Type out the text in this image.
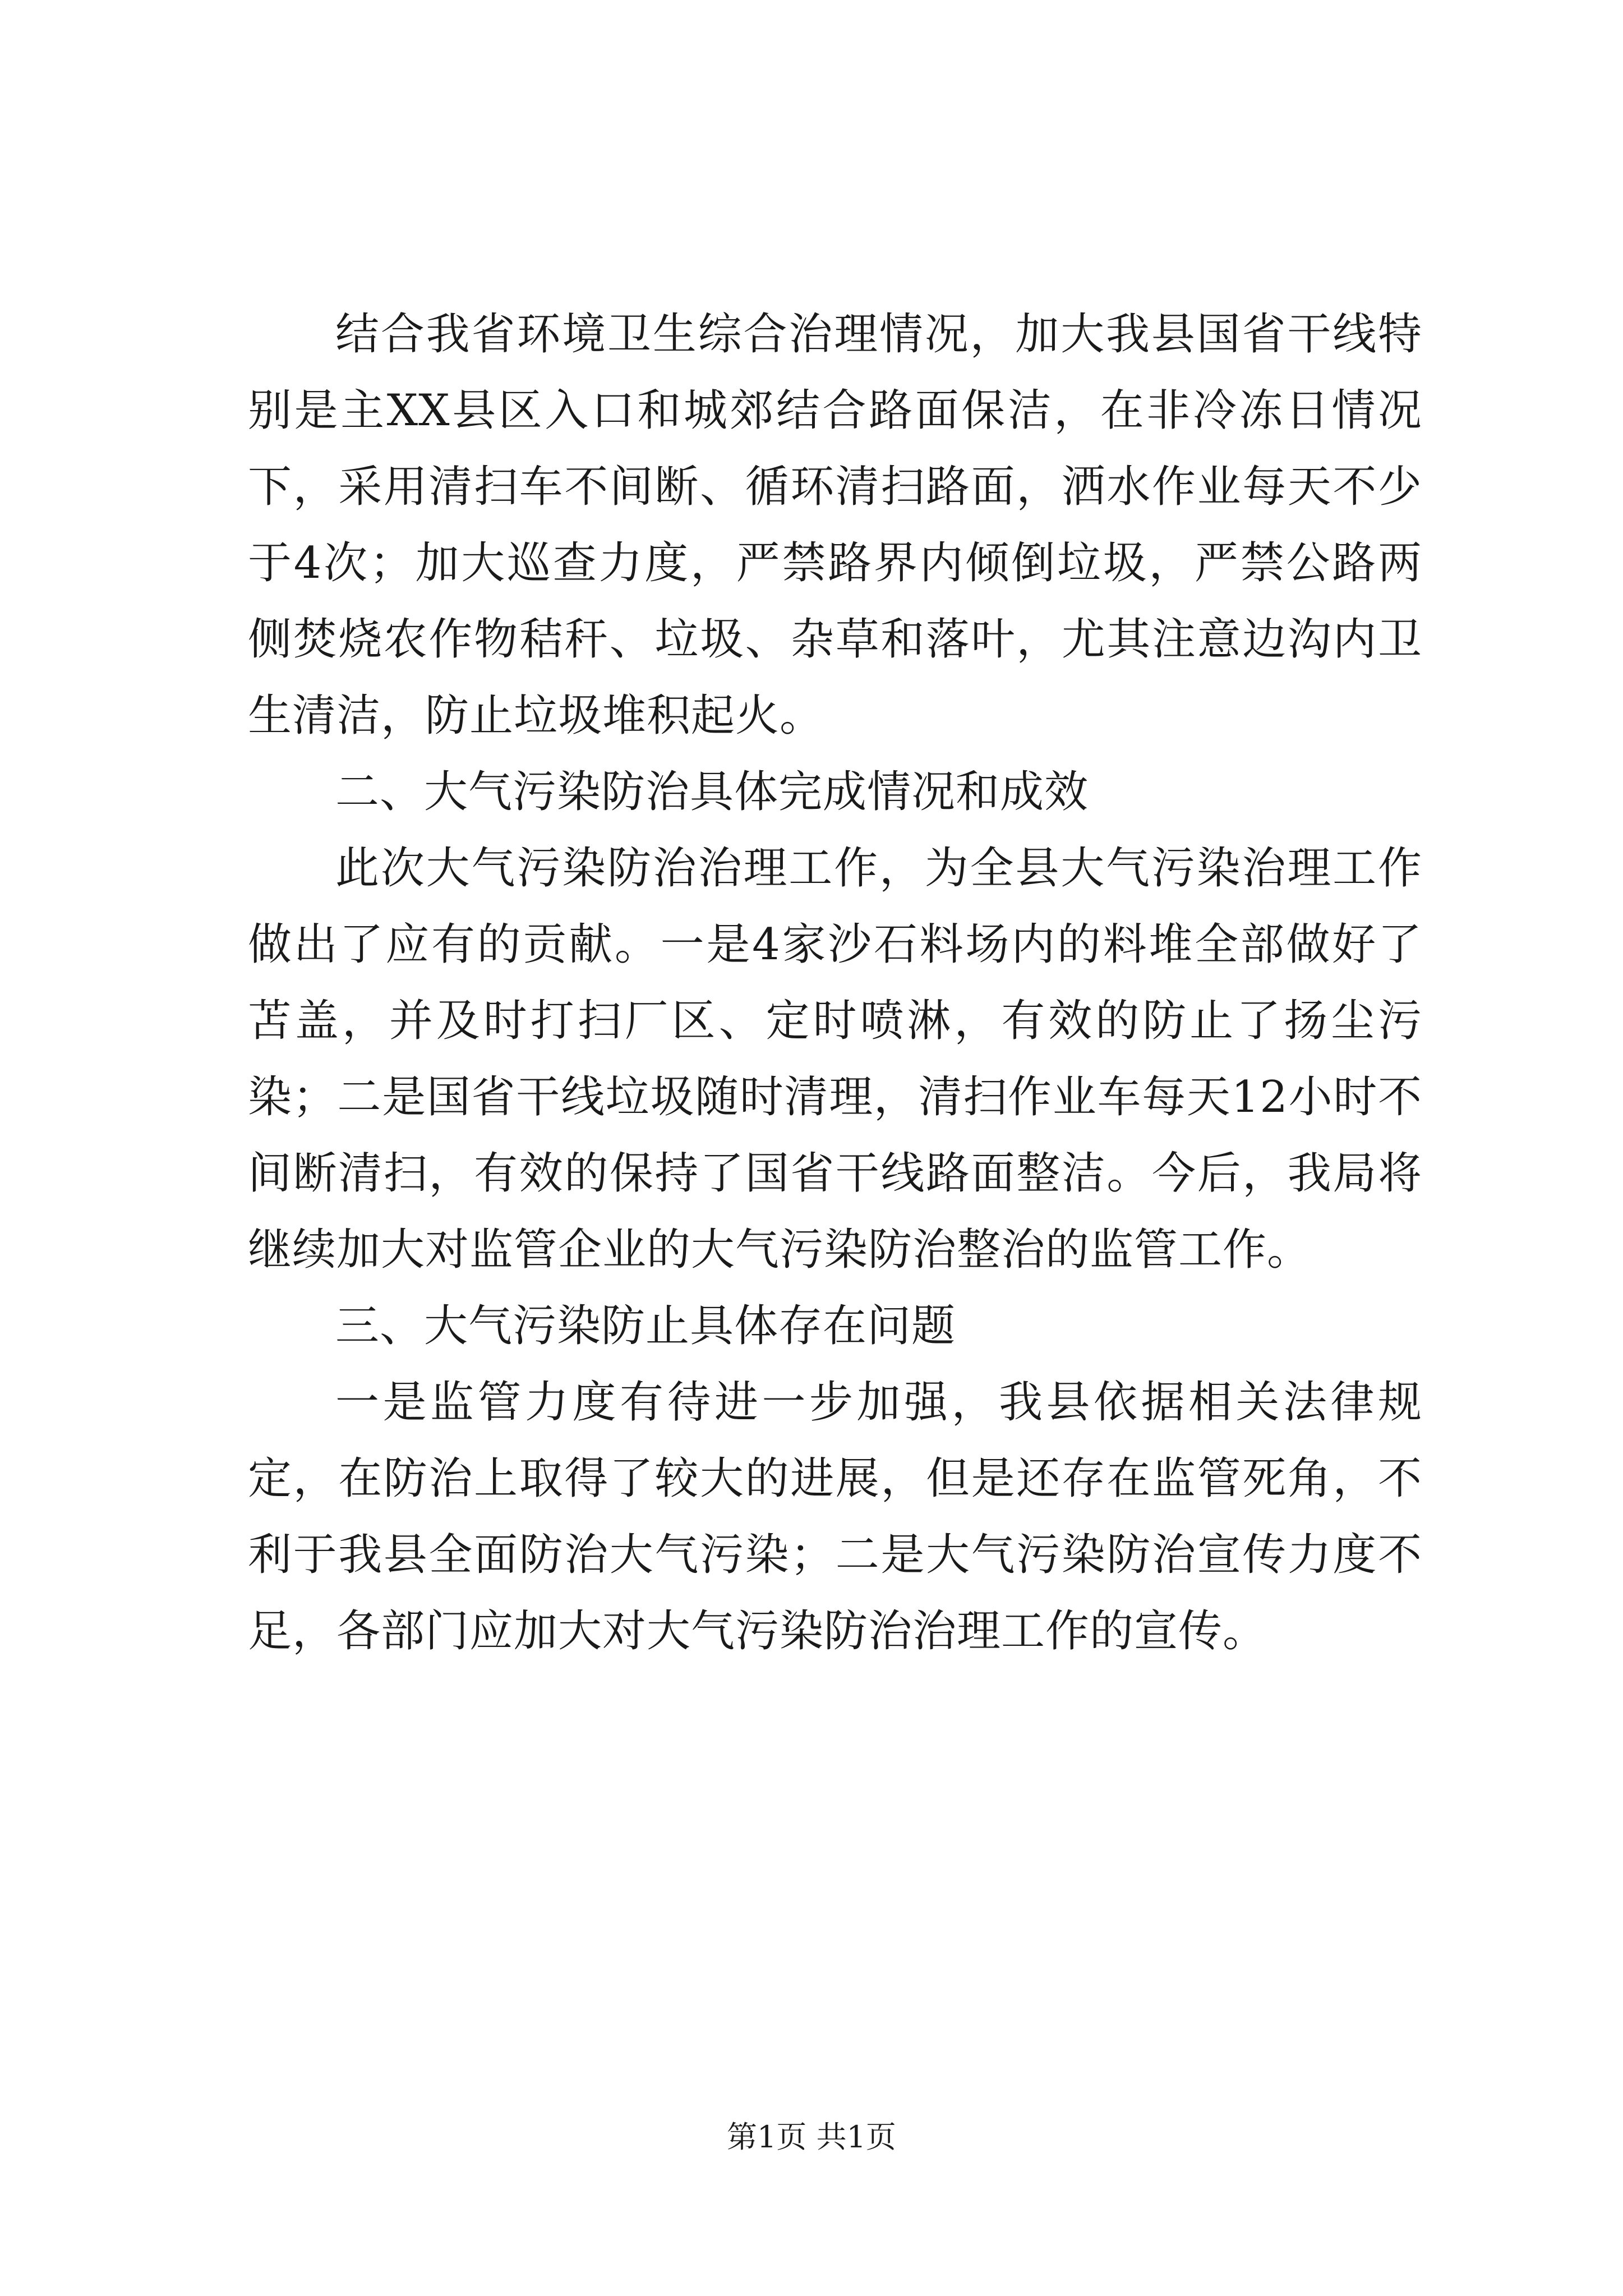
结合我省环境卫生综合治理情况，加大我县国省干线特别是主XX县区入口和城郊结合路面保洁，在非冷冻日情况下，采用清扫车不间断、循环清扫路面，洒水作业每天不少于4次；加大巡查力度，严禁路界内倾倒垃圾，严禁公路两侧焚烧农作物秸秆、垃圾、杂草和落叶，尤其注意边沟内卫生清洁，防止垃圾堆积起火。

二、大气污染防治具体完成情况和成效

此次大气污染防治治理工作，为全县大气污染治理工作做出了应有的贡献。一是4家沙石料场内的料堆全部做好了苫盖，并及时打扫厂区、定时喷淋，有效的防止了扬尘污染；二是国省干线垃圾随时清理，清扫作业车每天12小时不间断清扫，有效的保持了国省干线路面整洁。今后，我局将继续加大对监管企业的大气污染防治整治的监管工作。

三、大气污染防止具体存在问题

一是监管力度有待进一步加强，我县依据相关法律规定，在防治上取得了较大的进展，但是还存在监管死角，不利于我县全面防治大气污染；二是大气污染防治宣传力度不足，各部门应加大对大气污染防治治理工作的宣传。

第1页 共1页
